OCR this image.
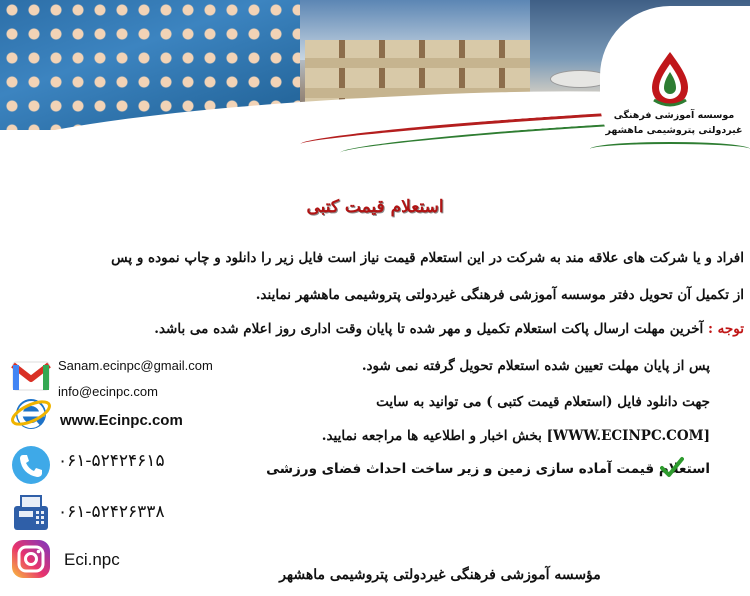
موسسه آموزشی فرهنگی
غیردولتی پتروشیمی ماهشهر
استعلام قیمت کتبی
افراد و یا شرکت های علاقه مند به شرکت در این استعلام قیمت نیاز است فایل زیر را دانلود و چاپ نموده و پس
از تکمیل آن تحویل دفتر موسسه آموزشی فرهنگی غیردولتی پتروشیمی ماهشهر نمایند.
توجه : آخرین مهلت ارسال پاکت استعلام تکمیل و مهر شده تا پایان وقت اداری روز اعلام شده می باشد.
پس از پایان مهلت تعیین شده استعلام تحویل گرفته نمی شود.
جهت دانلود فایل (استعلام قیمت کتبی ) می توانید به سایت
[WWW.ECINPC.COM] بخش اخبار و اطلاعیه ها مراجعه نمایید.
استعلام قیمت آماده سازی زمین و زیر ساخت احداث فضای ورزشی
Sanam.ecinpc@gmail.com
info@ecinpc.com
www.Ecinpc.com
۰۶۱-۵۲۴۲۴۶۱۵
۰۶۱-۵۲۴۲۶۳۳۸
Eci.npc
مؤسسه آموزشی فرهنگی غیردولتی پتروشیمی ماهشهر
